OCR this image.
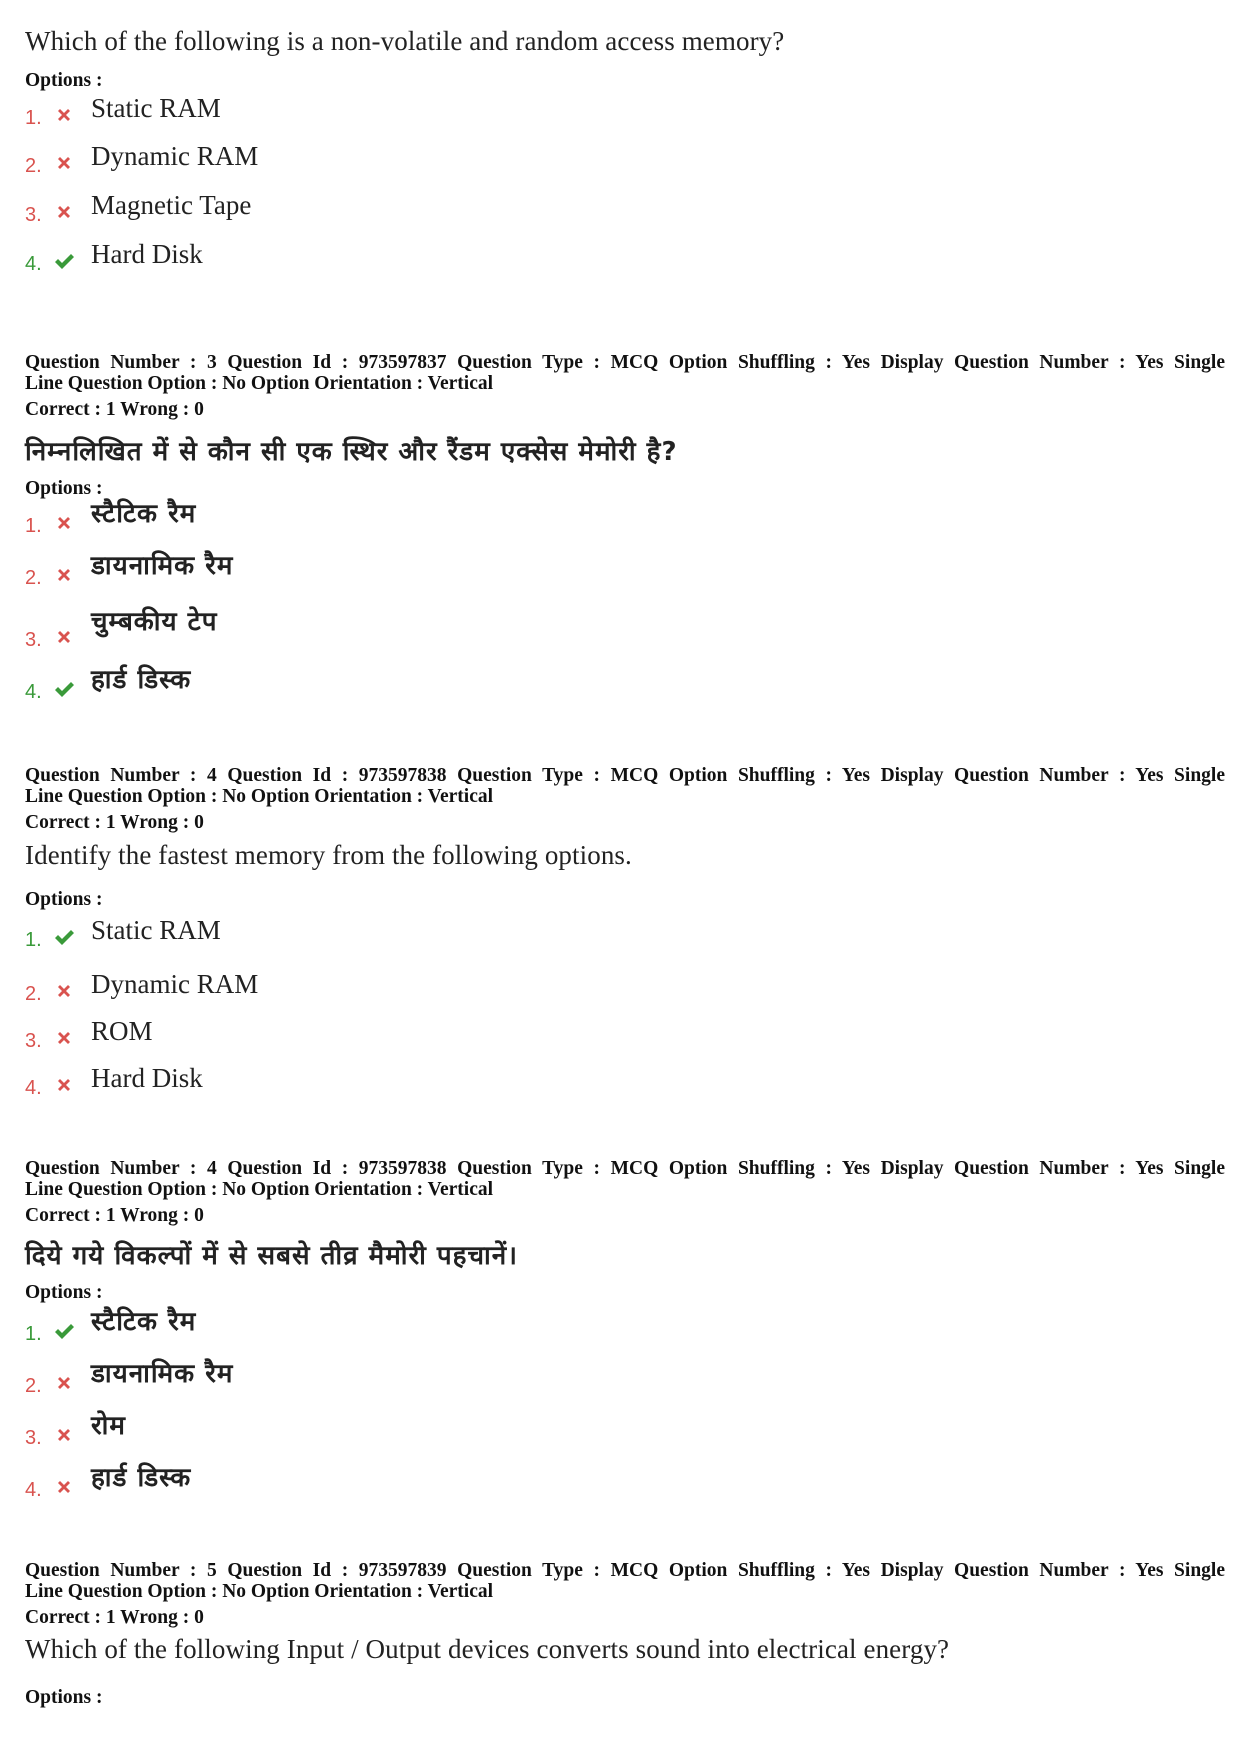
Which of the following is a non-volatile and random access memory?
Options :
1. Static RAM
2. Dynamic RAM
3. Magnetic Tape
4. Hard Disk

Question Number : 3 Question Id : 973597837 Question Type : MCQ Option Shuffling : Yes Display Question Number : Yes Single

Line Question Option : No Option Orientation : Vertical

Correct : 1 Wrong : 0
निम्नलिखित में से कौन सी एक स्थिर और रैंडम एक्सेस मेमोरी है?
Options :
1. स्टैटिक रैम
2. डायनामिक रैम
3.
चुम्बकीय टेप
4. हार्ड डिस्क

Question Number : 4 Question Id : 973597838 Question Type : MCQ Option Shuffling : Yes Display Question Number : Yes Single

Line Question Option : No Option Orientation : Vertical

Correct : 1 Wrong : 0
Identify the fastest memory from the following options.
Options :
1. Static RAM
2. Dynamic RAM
3. ROM
4. Hard Disk

Question Number : 4 Question Id : 973597838 Question Type : MCQ Option Shuffling : Yes Display Question Number : Yes Single

Line Question Option : No Option Orientation : Vertical

Correct : 1 Wrong : 0
दिये गये विकल्पों में से सबसे तीव्र मैमोरी पहचानें।
Options :
1. स्टैटिक रैम
2. डायनामिक रैम
3. रोम
4. हार्ड डिस्क

Question Number : 5 Question Id : 973597839 Question Type : MCQ Option Shuffling : Yes Display Question Number : Yes Single

Line Question Option : No Option Orientation : Vertical

Correct : 1 Wrong : 0
Which of the following Input / Output devices converts sound into electrical energy?
Options :
